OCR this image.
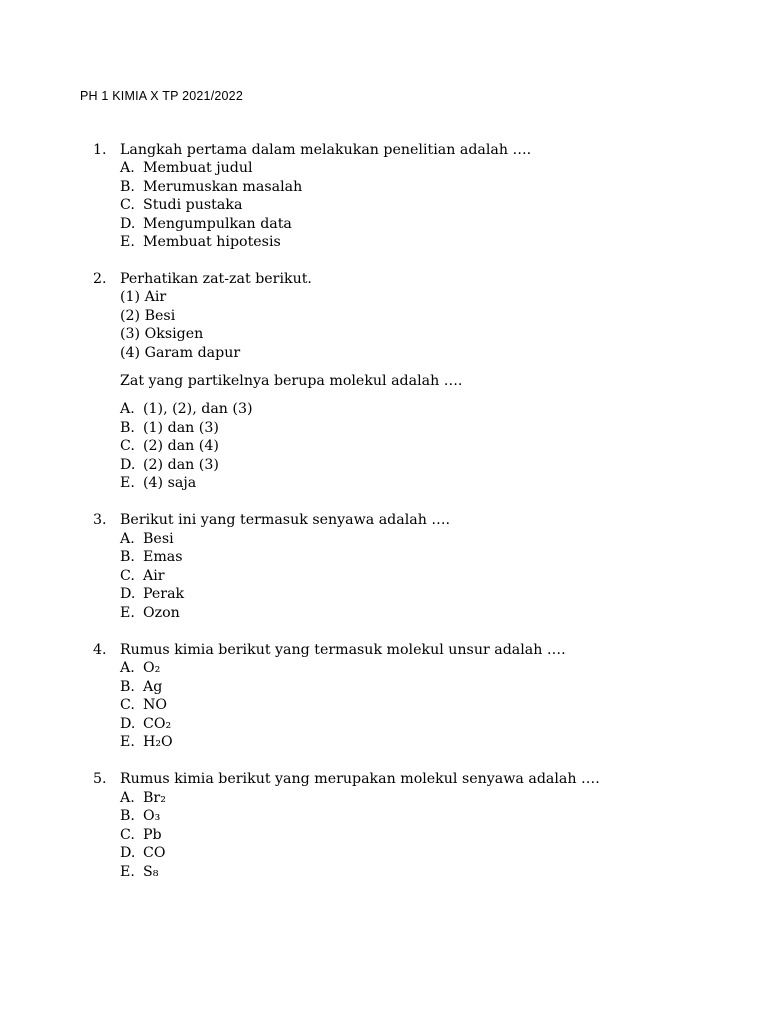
PH 1 KIMIA X TP 2021/2022
1. Langkah pertama dalam melakukan penelitian adalah ….
A. Membuat judul
B. Merumuskan masalah
C. Studi pustaka
D. Mengumpulkan data
E. Membuat hipotesis
2. Perhatikan zat-zat berikut.
(1) Air
(2) Besi
(3) Oksigen
(4) Garam dapur
Zat yang partikelnya berupa molekul adalah ….
A. (1), (2), dan (3)
B. (1) dan (3)
C. (2) dan (4)
D. (2) dan (3)
E. (4) saja
3. Berikut ini yang termasuk senyawa adalah ….
A. Besi
B. Emas
C. Air
D. Perak
E. Ozon
4. Rumus kimia berikut yang termasuk molekul unsur adalah ….
A. O₂
B. Ag
C. NO
D. CO₂
E. H₂O
5. Rumus kimia berikut yang merupakan molekul senyawa adalah ….
A. Br₂
B. O₃
C. Pb
D. CO
E. S₈
